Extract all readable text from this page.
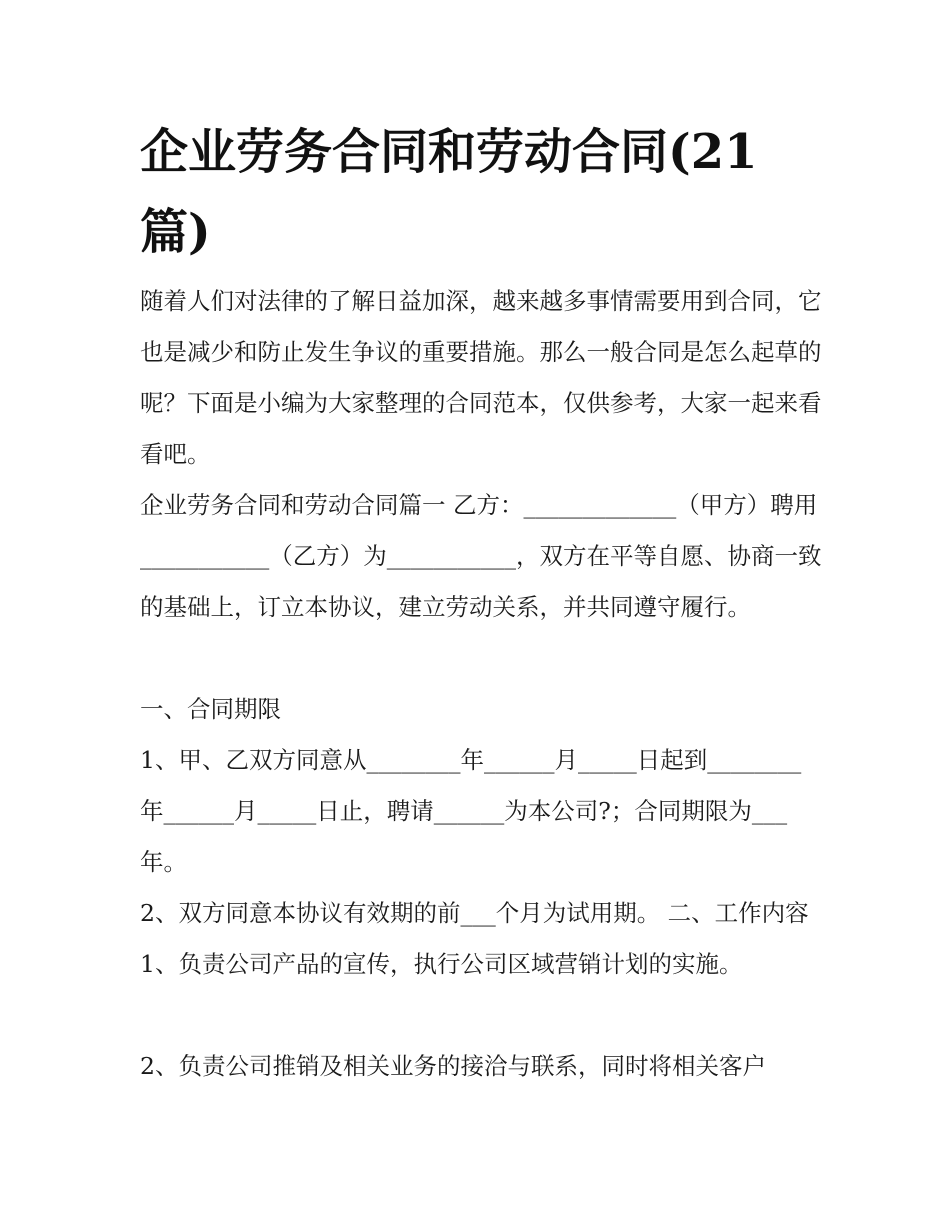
企业劳务合同和劳动合同(21篇)

随着人们对法律的了解日益加深，越来越多事情需要用到合同，它也是减少和防止发生争议的重要措施。那么一般合同是怎么起草的呢？下面是小编为大家整理的合同范本，仅供参考，大家一起来看看吧。

企业劳务合同和劳动合同篇一 乙方：_____________（甲方）聘用___________（乙方）为___________，双方在平等自愿、协商一致的基础上，订立本协议，建立劳动关系，并共同遵守履行。

一、合同期限

1、甲、乙双方同意从________年______月_____日起到________年______月_____日止，聘请______为本公司?；合同期限为___年。

2、双方同意本协议有效期的前___个月为试用期。 二、工作内容 1、负责公司产品的宣传，执行公司区域营销计划的实施。

2、负责公司推销及相关业务的接洽与联系，同时将相关客户
